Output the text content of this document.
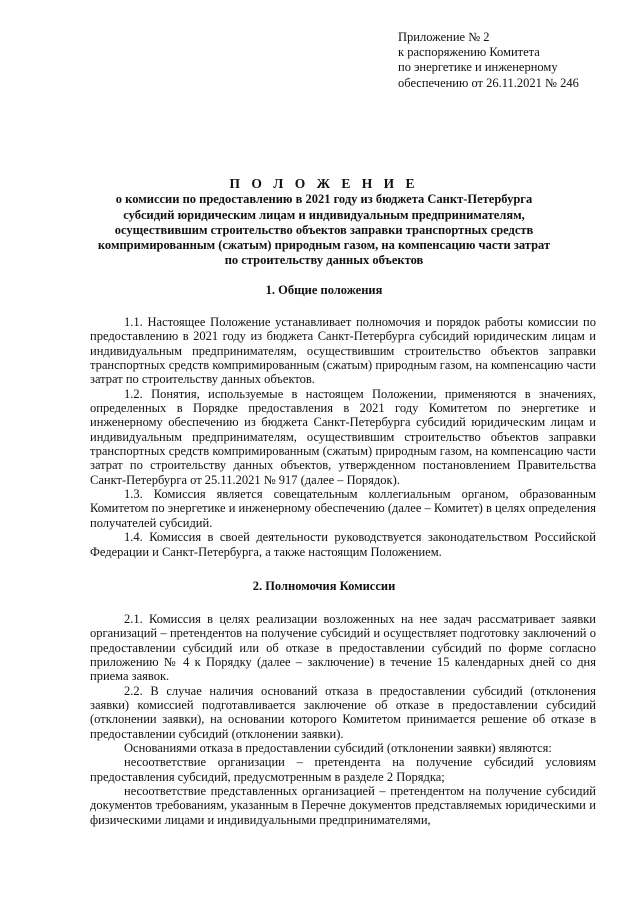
Приложение № 2
к распоряжению Комитета
по энергетике и инженерному
обеспечению от 26.11.2021 № 246
П О Л О Ж Е Н И Е
о комиссии по предоставлению в 2021 году из бюджета Санкт-Петербурга субсидий юридическим лицам и индивидуальным предпринимателям, осуществившим строительство объектов заправки транспортных средств компримированным (сжатым) природным газом, на компенсацию части затрат по строительству данных объектов
1. Общие положения

1.1. Настоящее Положение устанавливает полномочия и порядок работы комиссии по предоставлению в 2021 году из бюджета Санкт-Петербурга субсидий юридическим лицам и индивидуальным предпринимателям, осуществившим строительство объектов заправки транспортных средств компримированным (сжатым) природным газом, на компенсацию части затрат по строительству данных объектов.

1.2. Понятия, используемые в настоящем Положении, применяются в значениях, определенных в Порядке предоставления в 2021 году Комитетом по энергетике и инженерному обеспечению из бюджета Санкт-Петербурга субсидий юридическим лицам и индивидуальным предпринимателям, осуществившим строительство объектов заправки транспортных средств компримированным (сжатым) природным газом, на компенсацию части затрат по строительству данных объектов, утвержденном постановлением Правительства Санкт-Петербурга от 25.11.2021 № 917 (далее – Порядок).

1.3. Комиссия является совещательным коллегиальным органом, образованным Комитетом по энергетике и инженерному обеспечению (далее – Комитет) в целях определения получателей субсидий.

1.4. Комиссия в своей деятельности руководствуется законодательством Российской Федерации и Санкт-Петербурга, а также настоящим Положением.

2. Полномочия Комиссии

2.1. Комиссия в целях реализации возложенных на нее задач рассматривает заявки организаций – претендентов на получение субсидий и осуществляет подготовку заключений о предоставлении субсидий или об отказе в предоставлении субсидий по форме согласно приложению № 4 к Порядку (далее – заключение) в течение 15 календарных дней со дня приема заявок.

2.2. В случае наличия оснований отказа в предоставлении субсидий (отклонения заявки) комиссией подготавливается заключение об отказе в предоставлении субсидий (отклонении заявки), на основании которого Комитетом принимается решение об отказе в предоставлении субсидий (отклонении заявки).

Основаниями отказа в предоставлении субсидий (отклонении заявки) являются:

несоответствие организации – претендента на получение субсидий условиям предоставления субсидий, предусмотренным в разделе 2 Порядка;

несоответствие представленных организацией – претендентом на получение субсидий документов требованиям, указанным в Перечне документов представляемых юридическими и физическими лицами и индивидуальными предпринимателями,
